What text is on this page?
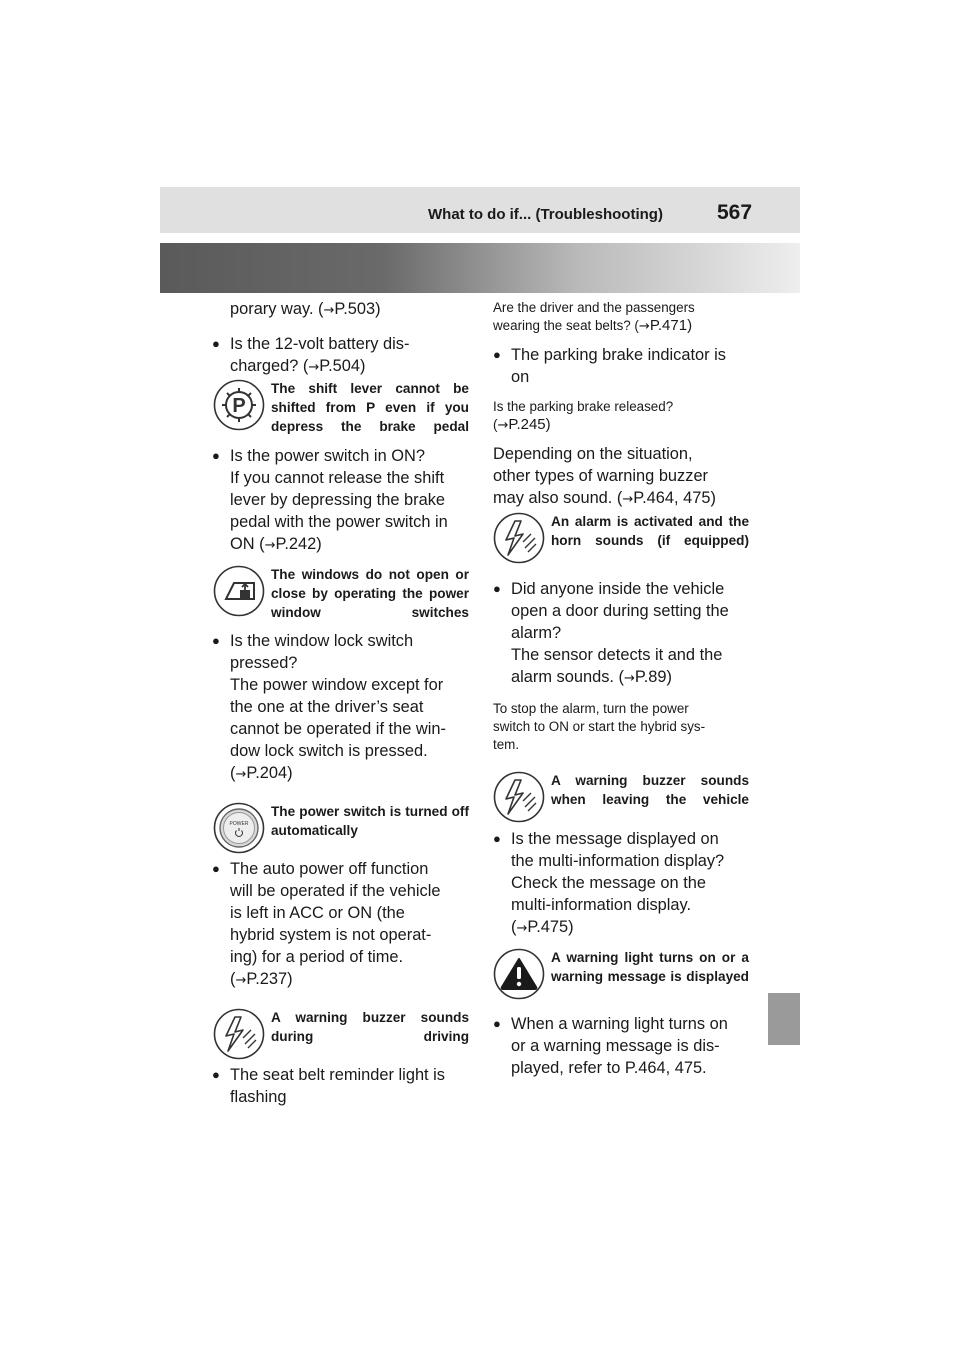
What to do if... (Troubleshooting)	567

porary way. (→P.503)

● Is the 12-volt battery dis-
charged? (→P.504)

P
The shift lever cannot be shifted from P even if you depress the brake pedal

● Is the power switch in ON?
If you cannot release the shift
lever by depressing the brake
pedal with the power switch in
ON (→P.242)

The windows do not open or close by operating the power window switches

● Is the window lock switch
pressed?
The power window except for
the one at the driver’s seat
cannot be operated if the win-
dow lock switch is pressed.
(→P.204)

POWER
The power switch is turned off automatically

● The auto power off function
will be operated if the vehicle
is left in ACC or ON (the
hybrid system is not operat-
ing) for a period of time.
(→P.237)

A warning buzzer sounds during driving

● The seat belt reminder light is
flashing

Are the driver and the passengers
wearing the seat belts? (→P.471)

● The parking brake indicator is
on

Is the parking brake released?
(→P.245)

Depending on the situation,
other types of warning buzzer
may also sound. (→P.464, 475)

An alarm is activated and the horn sounds (if equipped)

● Did anyone inside the vehicle
open a door during setting the
alarm?
The sensor detects it and the
alarm sounds. (→P.89)

To stop the alarm, turn the power
switch to ON or start the hybrid sys-
tem.

A warning buzzer sounds when leaving the vehicle

● Is the message displayed on
the multi-information display?
Check the message on the
multi-information display.
(→P.475)

A warning light turns on or a warning message is displayed

● When a warning light turns on
or a warning message is dis-
played, refer to P.464, 475.
